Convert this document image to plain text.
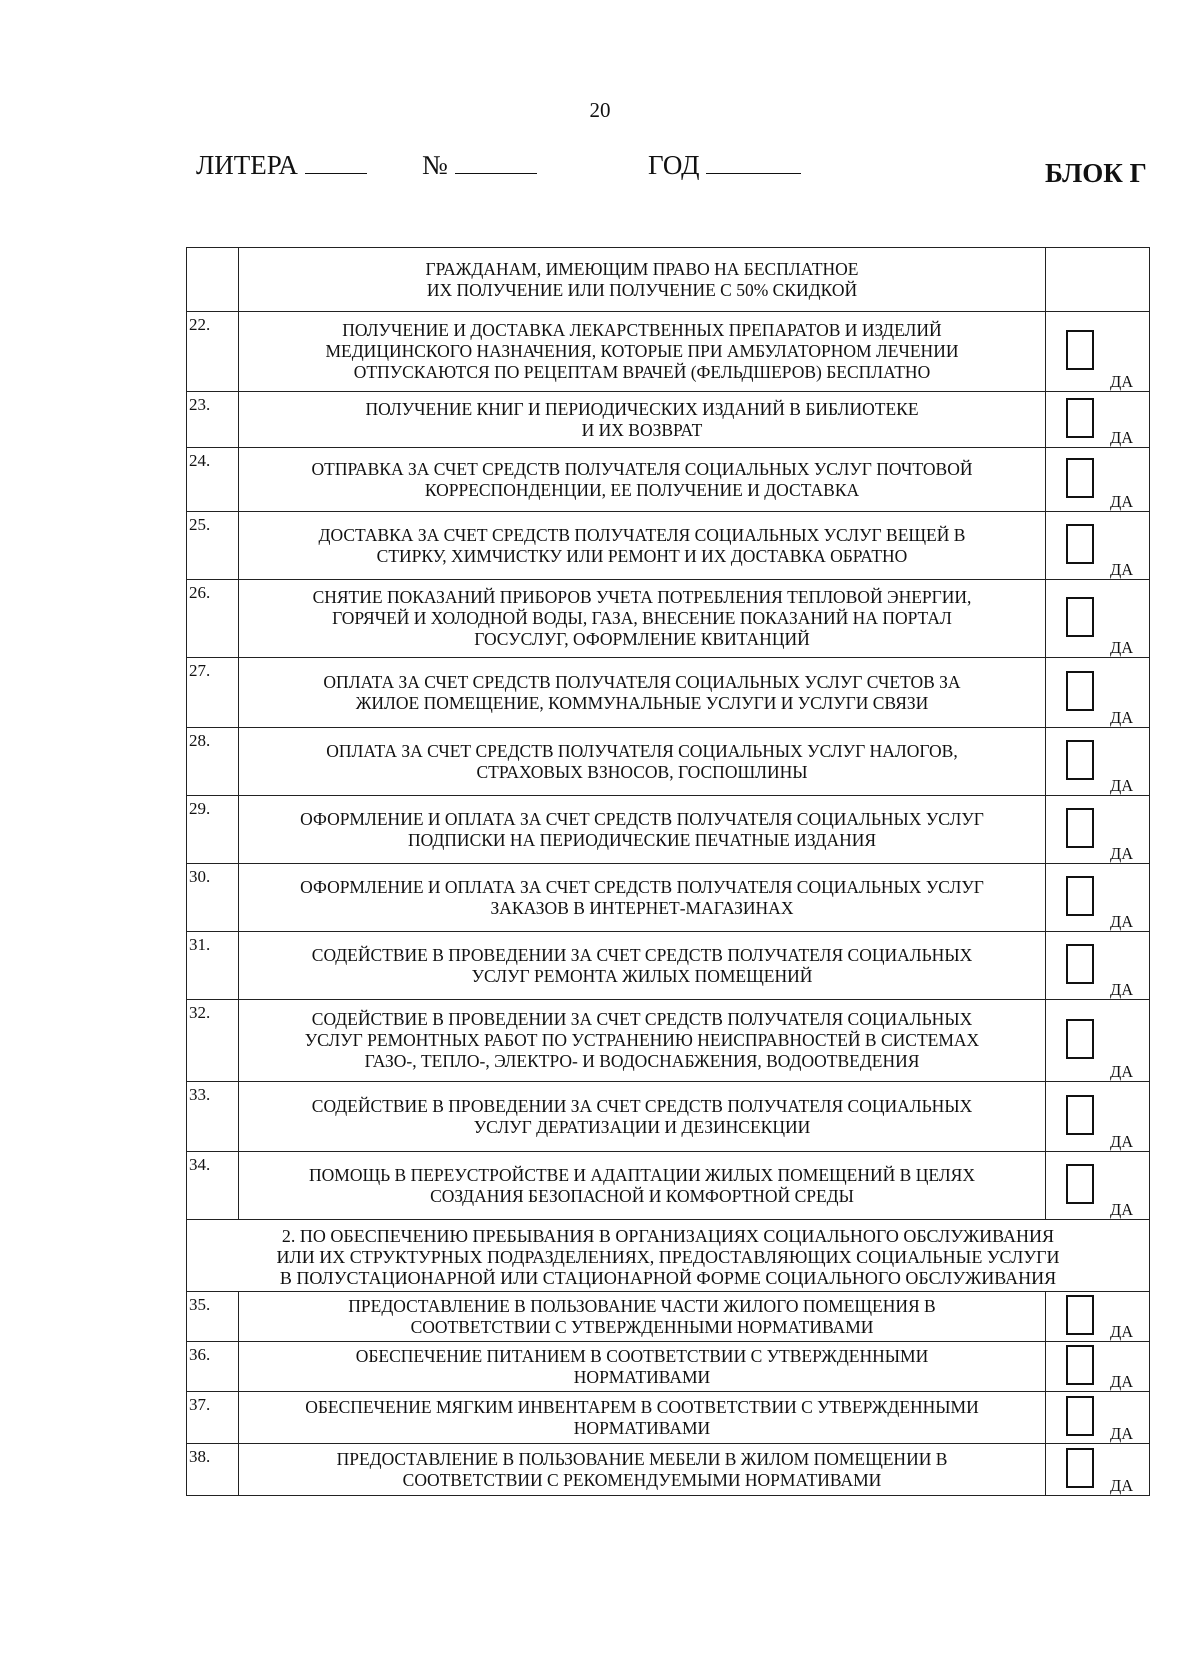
20
ЛИТЕРА	№	ГОД	БЛОК Г
	ГРАЖДАНАМ, ИМЕЮЩИМ ПРАВО НА БЕСПЛАТНОЕ
ИХ ПОЛУЧЕНИЕ ИЛИ ПОЛУЧЕНИЕ С 50% СКИДКОЙ	
22.	ПОЛУЧЕНИЕ И ДОСТАВКА ЛЕКАРСТВЕННЫХ ПРЕПАРАТОВ И ИЗДЕЛИЙ
МЕДИЦИНСКОГО НАЗНАЧЕНИЯ, КОТОРЫЕ ПРИ АМБУЛАТОРНОМ ЛЕЧЕНИИ
ОТПУСКАЮТСЯ ПО РЕЦЕПТАМ ВРАЧЕЙ (ФЕЛЬДШЕРОВ) БЕСПЛАТНО	ДА

23.	ПОЛУЧЕНИЕ КНИГ И ПЕРИОДИЧЕСКИХ ИЗДАНИЙ В БИБЛИОТЕКЕ
И ИХ ВОЗВРАТ	ДА

24.	ОТПРАВКА ЗА СЧЕТ СРЕДСТВ ПОЛУЧАТЕЛЯ СОЦИАЛЬНЫХ УСЛУГ ПОЧТОВОЙ
КОРРЕСПОНДЕНЦИИ, ЕЕ ПОЛУЧЕНИЕ И ДОСТАВКА	ДА

25.	ДОСТАВКА ЗА СЧЕТ СРЕДСТВ ПОЛУЧАТЕЛЯ СОЦИАЛЬНЫХ УСЛУГ ВЕЩЕЙ В
СТИРКУ, ХИМЧИСТКУ ИЛИ РЕМОНТ И ИХ ДОСТАВКА ОБРАТНО	ДА

26.	СНЯТИЕ ПОКАЗАНИЙ ПРИБОРОВ УЧЕТА ПОТРЕБЛЕНИЯ ТЕПЛОВОЙ ЭНЕРГИИ,
ГОРЯЧЕЙ И ХОЛОДНОЙ ВОДЫ, ГАЗА, ВНЕСЕНИЕ ПОКАЗАНИЙ НА ПОРТАЛ
ГОСУСЛУГ, ОФОРМЛЕНИЕ КВИТАНЦИЙ	ДА

27.	ОПЛАТА ЗА СЧЕТ СРЕДСТВ ПОЛУЧАТЕЛЯ СОЦИАЛЬНЫХ УСЛУГ СЧЕТОВ ЗА
ЖИЛОЕ ПОМЕЩЕНИЕ, КОММУНАЛЬНЫЕ УСЛУГИ И УСЛУГИ СВЯЗИ	ДА

28.	ОПЛАТА ЗА СЧЕТ СРЕДСТВ ПОЛУЧАТЕЛЯ СОЦИАЛЬНЫХ УСЛУГ НАЛОГОВ,
СТРАХОВЫХ ВЗНОСОВ, ГОСПОШЛИНЫ	ДА

29.	ОФОРМЛЕНИЕ И ОПЛАТА ЗА СЧЕТ СРЕДСТВ ПОЛУЧАТЕЛЯ СОЦИАЛЬНЫХ УСЛУГ
ПОДПИСКИ НА ПЕРИОДИЧЕСКИЕ ПЕЧАТНЫЕ ИЗДАНИЯ	ДА

30.	ОФОРМЛЕНИЕ И ОПЛАТА ЗА СЧЕТ СРЕДСТВ ПОЛУЧАТЕЛЯ СОЦИАЛЬНЫХ УСЛУГ
ЗАКАЗОВ В ИНТЕРНЕТ-МАГАЗИНАХ	ДА

31.	СОДЕЙСТВИЕ В ПРОВЕДЕНИИ ЗА СЧЕТ СРЕДСТВ ПОЛУЧАТЕЛЯ СОЦИАЛЬНЫХ
УСЛУГ РЕМОНТА ЖИЛЫХ ПОМЕЩЕНИЙ	ДА

32.	СОДЕЙСТВИЕ В ПРОВЕДЕНИИ ЗА СЧЕТ СРЕДСТВ ПОЛУЧАТЕЛЯ СОЦИАЛЬНЫХ
УСЛУГ РЕМОНТНЫХ РАБОТ ПО УСТРАНЕНИЮ НЕИСПРАВНОСТЕЙ В СИСТЕМАХ
ГАЗО-, ТЕПЛО-, ЭЛЕКТРО- И ВОДОСНАБЖЕНИЯ, ВОДООТВЕДЕНИЯ	ДА

33.	СОДЕЙСТВИЕ В ПРОВЕДЕНИИ ЗА СЧЕТ СРЕДСТВ ПОЛУЧАТЕЛЯ СОЦИАЛЬНЫХ
УСЛУГ ДЕРАТИЗАЦИИ И ДЕЗИНСЕКЦИИ	ДА

34.	ПОМОЩЬ В ПЕРЕУСТРОЙСТВЕ И АДАПТАЦИИ ЖИЛЫХ ПОМЕЩЕНИЙ В ЦЕЛЯХ
СОЗДАНИЯ БЕЗОПАСНОЙ И КОМФОРТНОЙ СРЕДЫ	ДА

2. ПО ОБЕСПЕЧЕНИЮ ПРЕБЫВАНИЯ В ОРГАНИЗАЦИЯХ СОЦИАЛЬНОГО ОБСЛУЖИВАНИЯ
ИЛИ ИХ СТРУКТУРНЫХ ПОДРАЗДЕЛЕНИЯХ, ПРЕДОСТАВЛЯЮЩИХ СОЦИАЛЬНЫЕ УСЛУГИ
В ПОЛУСТАЦИОНАРНОЙ ИЛИ СТАЦИОНАРНОЙ ФОРМЕ СОЦИАЛЬНОГО ОБСЛУЖИВАНИЯ		
35.	ПРЕДОСТАВЛЕНИЕ В ПОЛЬЗОВАНИЕ ЧАСТИ ЖИЛОГО ПОМЕЩЕНИЯ В
СООТВЕТСТВИИ С УТВЕРЖДЕННЫМИ НОРМАТИВАМИ	ДА

36.	ОБЕСПЕЧЕНИЕ ПИТАНИЕМ В СООТВЕТСТВИИ С УТВЕРЖДЕННЫМИ
НОРМАТИВАМИ	ДА

37.	ОБЕСПЕЧЕНИЕ МЯГКИМ ИНВЕНТАРЕМ В СООТВЕТСТВИИ С УТВЕРЖДЕННЫМИ
НОРМАТИВАМИ	ДА

38.	ПРЕДОСТАВЛЕНИЕ В ПОЛЬЗОВАНИЕ МЕБЕЛИ В ЖИЛОМ ПОМЕЩЕНИИ В
СООТВЕТСТВИИ С РЕКОМЕНДУЕМЫМИ НОРМАТИВАМИ	ДА
